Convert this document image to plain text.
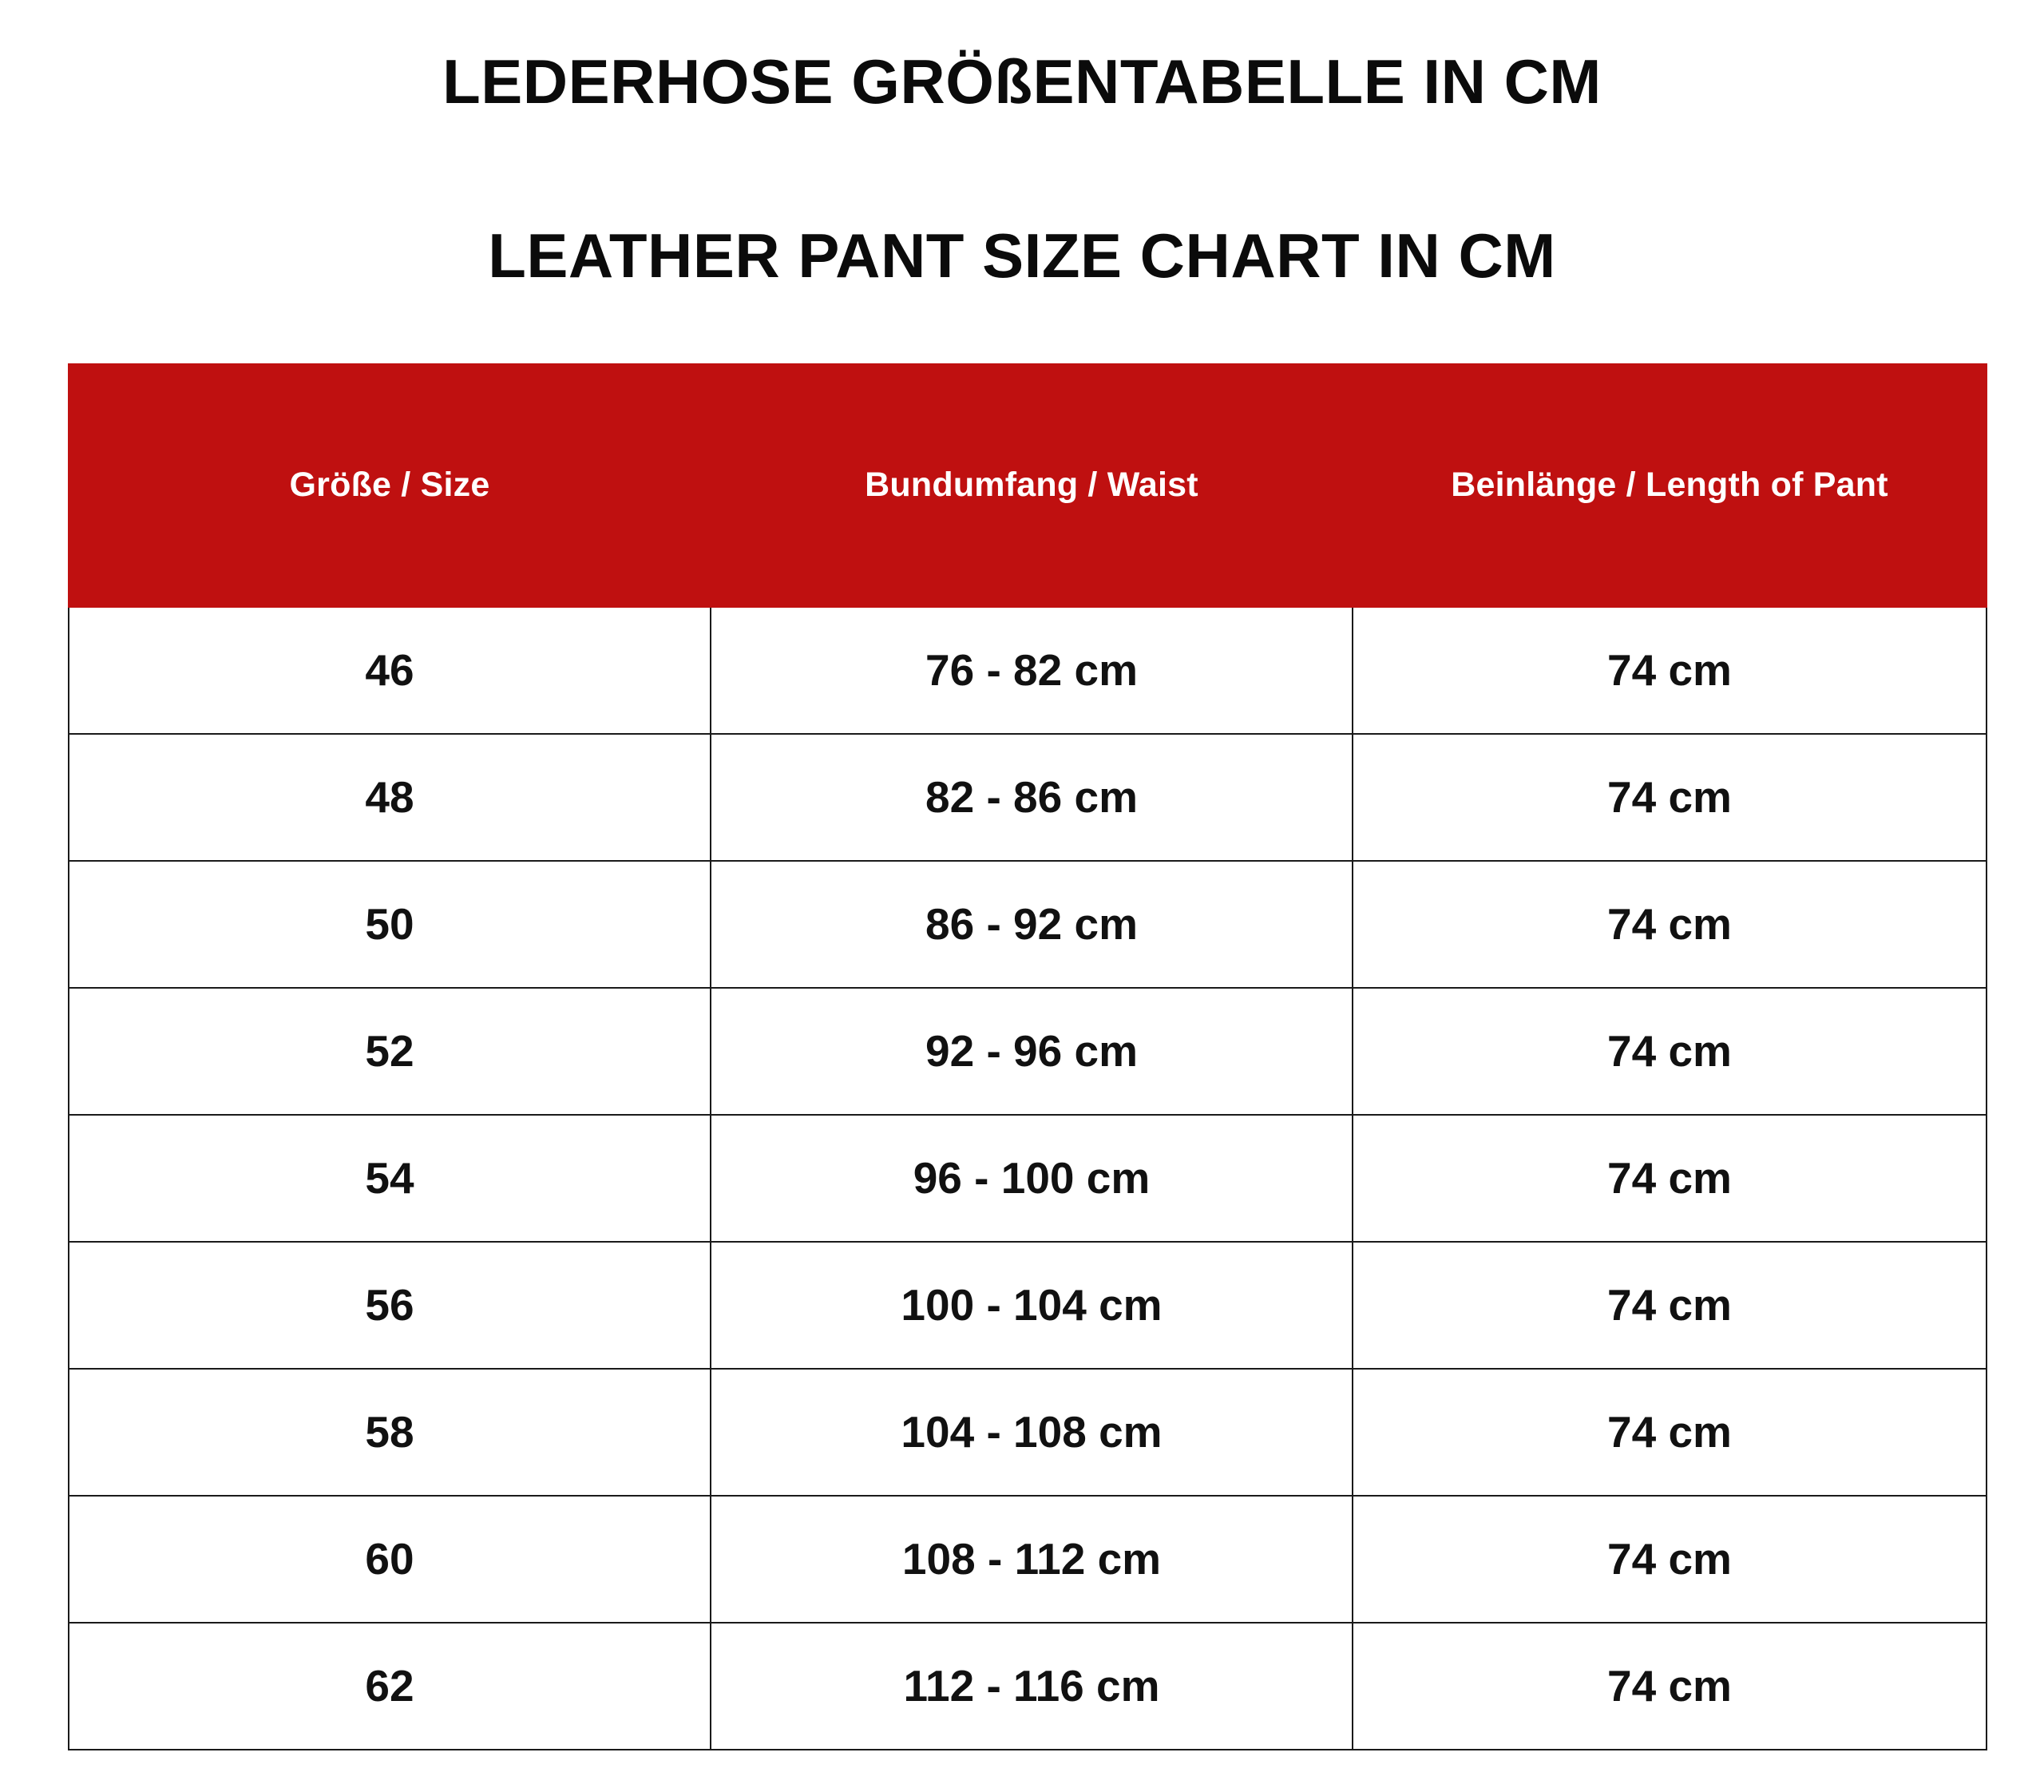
LEDERHOSE GRÖßENTABELLE IN CM
LEATHER PANT SIZE CHART IN CM
Größe / Size	Bundumfang / Waist	Beinlänge / Length of Pant

46	76 - 82 cm	74 cm
48	82 - 86 cm	74 cm
50	86 - 92 cm	74 cm
52	92 - 96 cm	74 cm
54	96 - 100 cm	74 cm
56	100 - 104 cm	74 cm
58	104 - 108 cm	74 cm
60	108 - 112 cm	74 cm
62	112 - 116 cm	74 cm
